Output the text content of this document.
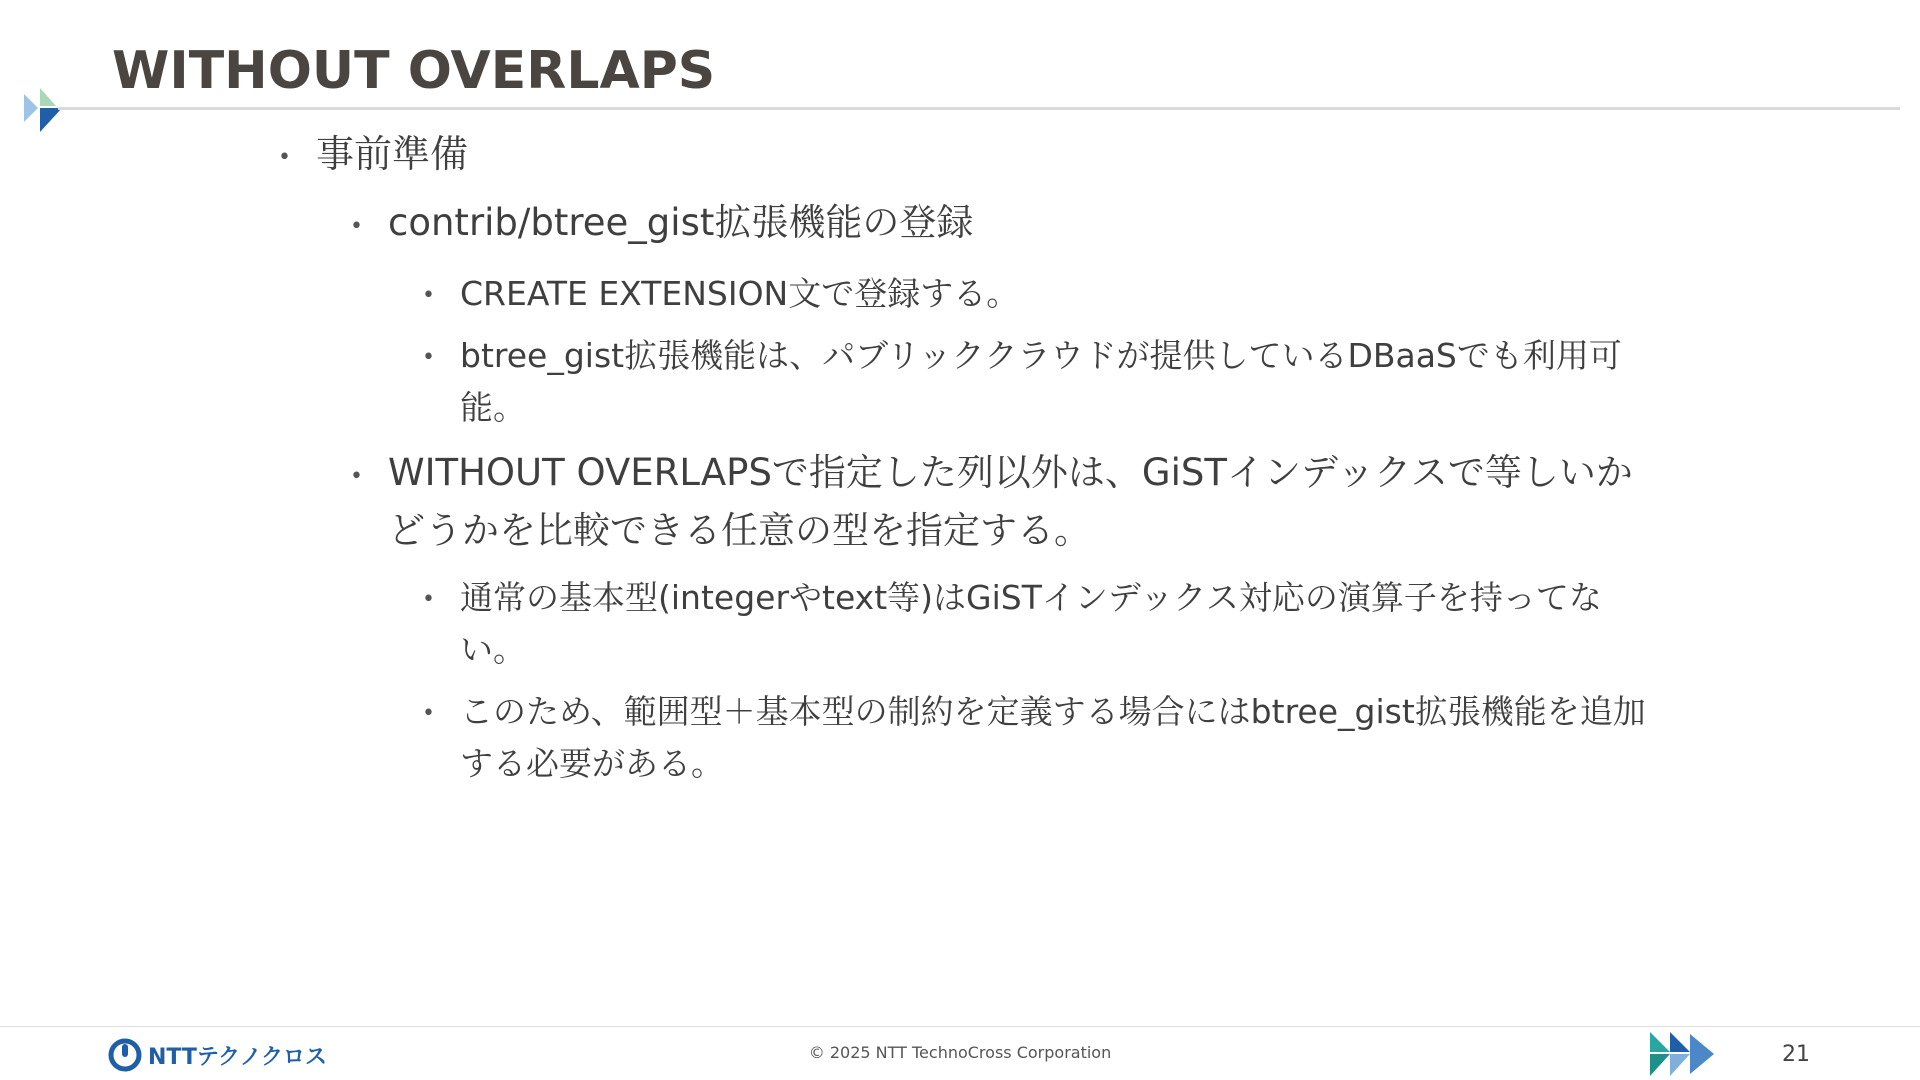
WITHOUT OVERLAPS
• 事前準備
• contrib/btree_gist拡張機能の登録
• CREATE EXTENSION文で登録する。
• btree_gist拡張機能は、パブリッククラウドが提供しているDBaaSでも利用可能。
• WITHOUT OVERLAPSで指定した列以外は、GiSTインデックスで等しいかどうかを比較できる任意の型を指定する。
• 通常の基本型(integerやtext等)はGiSTインデックス対応の演算子を持ってない。
• このため、範囲型＋基本型の制約を定義する場合にはbtree_gist拡張機能を追加する必要がある。
NTTテクノクロス	© 2025 NTT TechnoCross Corporation	21
